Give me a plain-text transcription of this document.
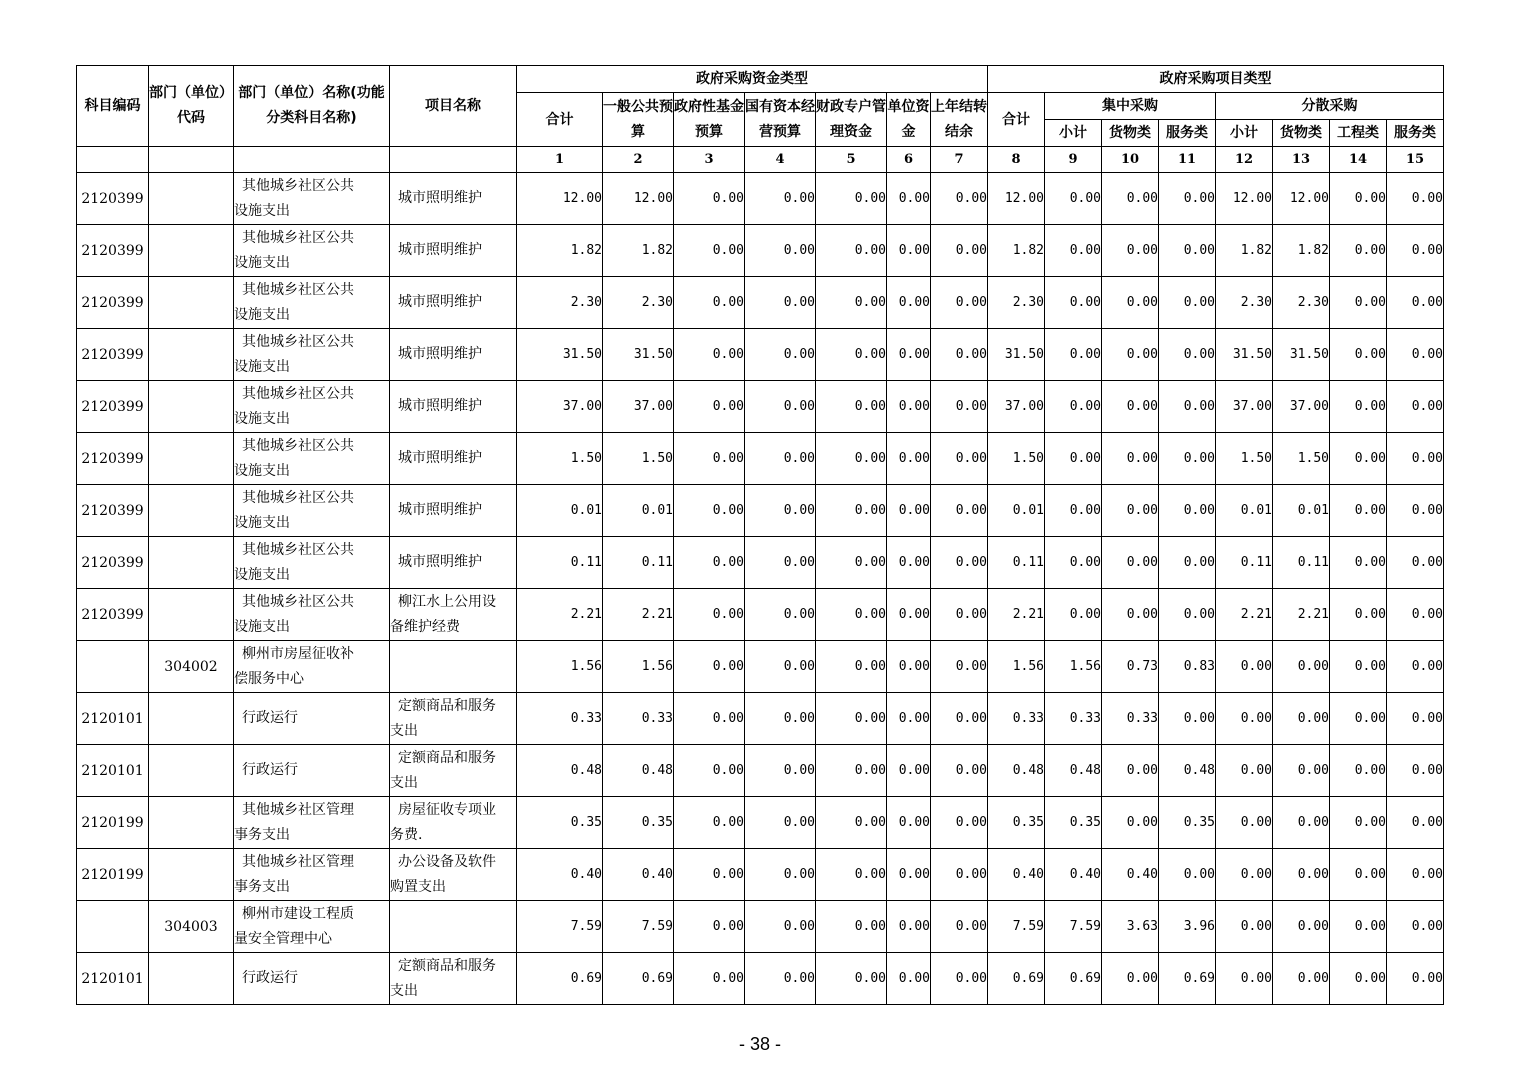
科目编码	部门（单位）代码	部门（单位）名称(功能分类科目名称)	项目名称	政府采购资金类型							政府采购项目类型							
				合计	一般公共预算	政府性基金预算	国有资本经营预算	财政专户管理资金	单位资金	上年结转结余	合计	集中采购			分散采购			
												小计	货物类	服务类	小计	货物类	工程类	服务类
				1	2	3	4	5	6	7	8	9	10	11	12	13	14	15
2120399		其他城乡社区公共
设施支出	城市照明维护	12.00	12.00	0.00	0.00	0.00	0.00	0.00	12.00	0.00	0.00	0.00	12.00	12.00	0.00	0.00
2120399		其他城乡社区公共
设施支出	城市照明维护	1.82	1.82	0.00	0.00	0.00	0.00	0.00	1.82	0.00	0.00	0.00	1.82	1.82	0.00	0.00
2120399		其他城乡社区公共
设施支出	城市照明维护	2.30	2.30	0.00	0.00	0.00	0.00	0.00	2.30	0.00	0.00	0.00	2.30	2.30	0.00	0.00
2120399		其他城乡社区公共
设施支出	城市照明维护	31.50	31.50	0.00	0.00	0.00	0.00	0.00	31.50	0.00	0.00	0.00	31.50	31.50	0.00	0.00
2120399		其他城乡社区公共
设施支出	城市照明维护	37.00	37.00	0.00	0.00	0.00	0.00	0.00	37.00	0.00	0.00	0.00	37.00	37.00	0.00	0.00
2120399		其他城乡社区公共
设施支出	城市照明维护	1.50	1.50	0.00	0.00	0.00	0.00	0.00	1.50	0.00	0.00	0.00	1.50	1.50	0.00	0.00
2120399		其他城乡社区公共
设施支出	城市照明维护	0.01	0.01	0.00	0.00	0.00	0.00	0.00	0.01	0.00	0.00	0.00	0.01	0.01	0.00	0.00
2120399		其他城乡社区公共
设施支出	城市照明维护	0.11	0.11	0.00	0.00	0.00	0.00	0.00	0.11	0.00	0.00	0.00	0.11	0.11	0.00	0.00
2120399		其他城乡社区公共
设施支出	柳江水上公用设
备维护经费	2.21	2.21	0.00	0.00	0.00	0.00	0.00	2.21	0.00	0.00	0.00	2.21	2.21	0.00	0.00
	304002	柳州市房屋征收补
偿服务中心		1.56	1.56	0.00	0.00	0.00	0.00	0.00	1.56	1.56	0.73	0.83	0.00	0.00	0.00	0.00
2120101		行政运行	定额商品和服务
支出	0.33	0.33	0.00	0.00	0.00	0.00	0.00	0.33	0.33	0.33	0.00	0.00	0.00	0.00	0.00
2120101		行政运行	定额商品和服务
支出	0.48	0.48	0.00	0.00	0.00	0.00	0.00	0.48	0.48	0.00	0.48	0.00	0.00	0.00	0.00
2120199		其他城乡社区管理
事务支出	房屋征收专项业
务费.	0.35	0.35	0.00	0.00	0.00	0.00	0.00	0.35	0.35	0.00	0.35	0.00	0.00	0.00	0.00
2120199		其他城乡社区管理
事务支出	办公设备及软件
购置支出	0.40	0.40	0.00	0.00	0.00	0.00	0.00	0.40	0.40	0.40	0.00	0.00	0.00	0.00	0.00
	304003	柳州市建设工程质
量安全管理中心		7.59	7.59	0.00	0.00	0.00	0.00	0.00	7.59	7.59	3.63	3.96	0.00	0.00	0.00	0.00
2120101		行政运行	定额商品和服务
支出	0.69	0.69	0.00	0.00	0.00	0.00	0.00	0.69	0.69	0.00	0.69	0.00	0.00	0.00	0.00
- 38 -
